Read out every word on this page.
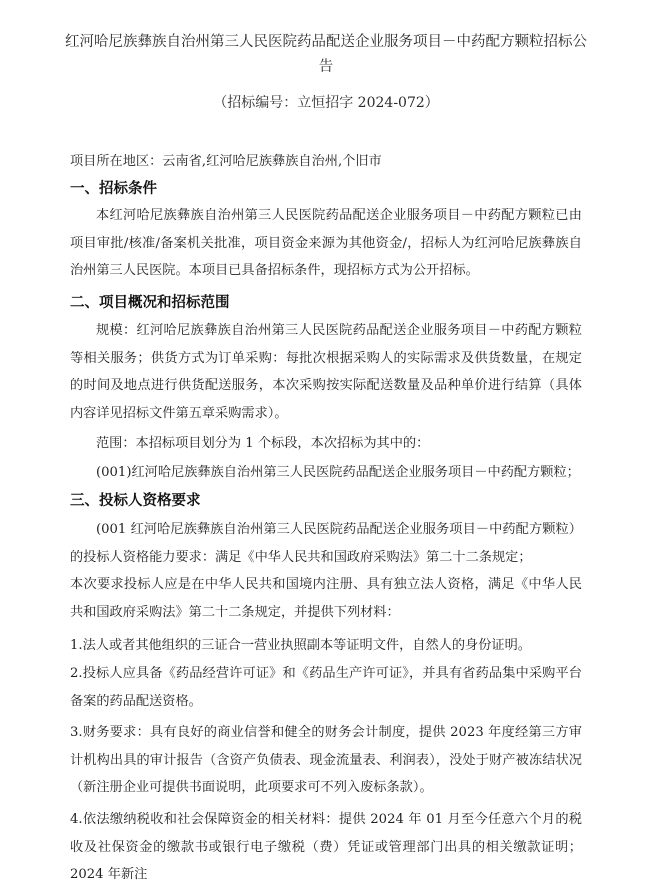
红河哈尼族彝族自治州第三人民医院药品配送企业服务项目－中药配方颗粒招标公告
（招标编号：立恒招字 2024-072）
项目所在地区：云南省,红河哈尼族彝族自治州,个旧市
一、招标条件
本红河哈尼族彝族自治州第三人民医院药品配送企业服务项目－中药配方颗粒已由项目审批/核准/备案机关批准，项目资金来源为其他资金/，招标人为红河哈尼族彝族自治州第三人民医院。本项目已具备招标条件，现招标方式为公开招标。
二、项目概况和招标范围
规模：红河哈尼族彝族自治州第三人民医院药品配送企业服务项目－中药配方颗粒等相关服务；供货方式为订单采购：每批次根据采购人的实际需求及供货数量，在规定的时间及地点进行供货配送服务，本次采购按实际配送数量及品种单价进行结算（具体内容详见招标文件第五章采购需求）。
范围：本招标项目划分为 1 个标段，本次招标为其中的：
(001)红河哈尼族彝族自治州第三人民医院药品配送企业服务项目－中药配方颗粒；
三、投标人资格要求
(001 红河哈尼族彝族自治州第三人民医院药品配送企业服务项目－中药配方颗粒）的投标人资格能力要求：满足《中华人民共和国政府采购法》第二十二条规定；
本次要求投标人应是在中华人民共和国境内注册、具有独立法人资格，满足《中华人民共和国政府采购法》第二十二条规定，并提供下列材料：
1.法人或者其他组织的三证合一营业执照副本等证明文件，自然人的身份证明。
2.投标人应具备《药品经营许可证》和《药品生产许可证》，并具有省药品集中采购平台备案的药品配送资格。
3.财务要求：具有良好的商业信誉和健全的财务会计制度，提供 2023 年度经第三方审计机构出具的审计报告（含资产负债表、现金流量表、利润表），没处于财产被冻结状况（新注册企业可提供书面说明，此项要求可不列入废标条款）。
4.依法缴纳税收和社会保障资金的相关材料：提供 2024 年 01 月至今任意六个月的税收及社保资金的缴款书或银行电子缴税（费）凭证或管理部门出具的相关缴款证明；2024 年新注
